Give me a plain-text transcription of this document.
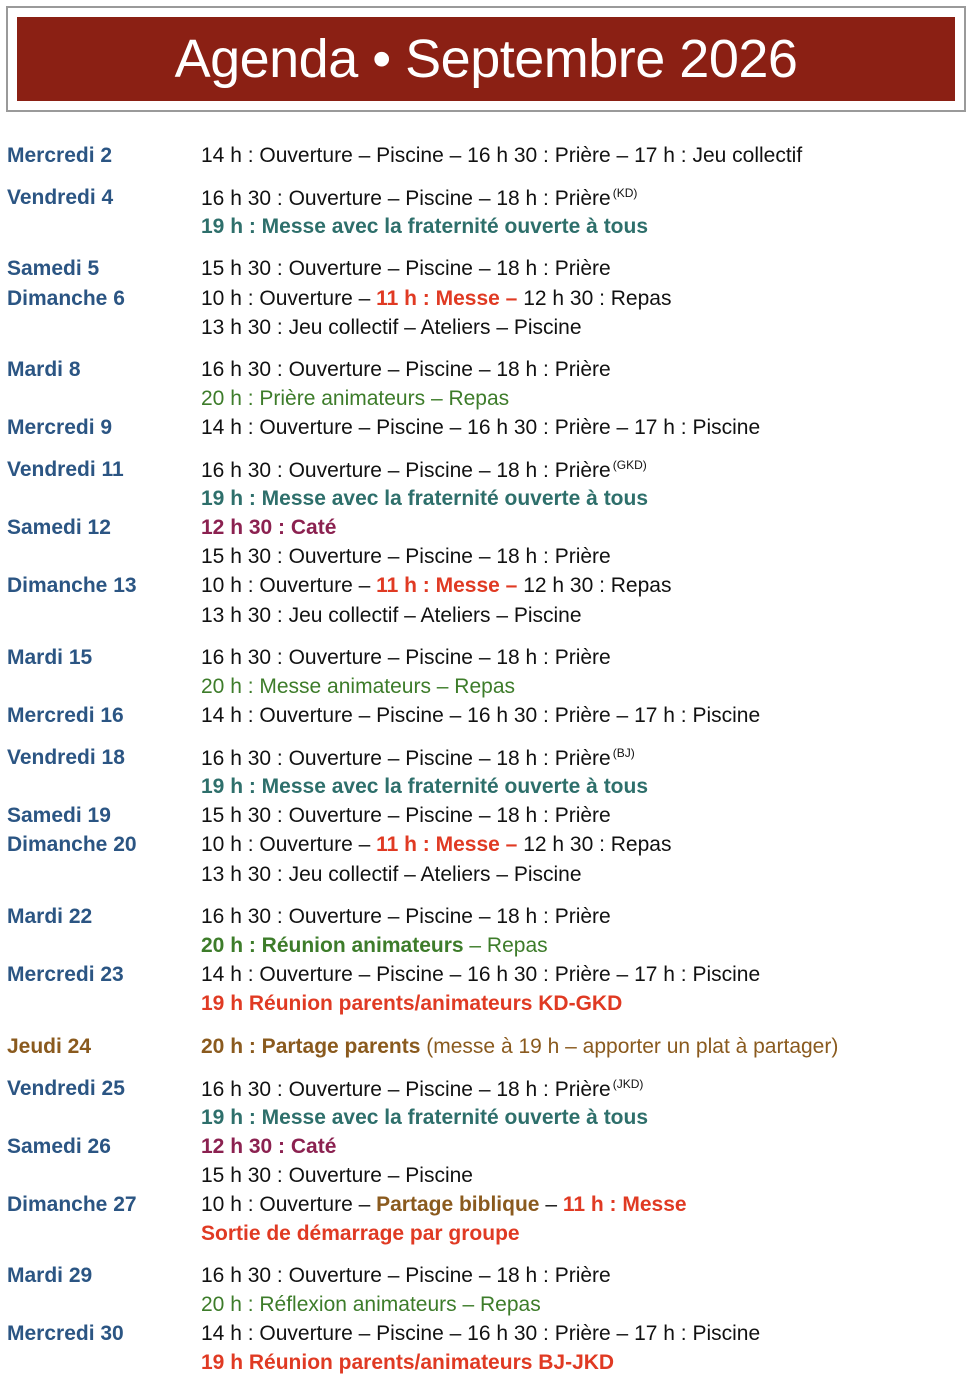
Agenda • Septembre 2026
Mercredi 2
Vendredi 4
Samedi 5
Dimanche 6
Mardi 8
Mercredi 9
Vendredi 11
Samedi 12
Dimanche 13
Mardi 15
Mercredi 16
Vendredi 18
Samedi 19
Dimanche 20
Mardi 22
Mercredi 23
Jeudi 24
Vendredi 25
Samedi 26
Dimanche 27
Mardi 29
Mercredi 30
14 h : Ouverture – Piscine – 16 h 30 : Prière – 17 h : Jeu collectif
16 h 30 : Ouverture – Piscine – 18 h : Prière $^{(KD)}$
19 h : Messe avec la fraternité ouverte à tous
15 h 30 : Ouverture – Piscine – 18 h : Prière
10 h : Ouverture – 11 h : Messe – 12 h 30 : Repas
13 h 30 : Jeu collectif – Ateliers – Piscine
16 h 30 : Ouverture – Piscine – 18 h : Prière
20 h : Prière animateurs – Repas
14 h : Ouverture – Piscine – 16 h 30 : Prière – 17 h : Piscine
16 h 30 : Ouverture – Piscine – 18 h : Prière $^{(GKD)}$
19 h : Messe avec la fraternité ouverte à tous
12 h 30 : Caté
15 h 30 : Ouverture – Piscine – 18 h : Prière
10 h : Ouverture – 11 h : Messe – 12 h 30 : Repas
13 h 30 : Jeu collectif – Ateliers – Piscine
16 h 30 : Ouverture – Piscine – 18 h : Prière
20 h : Messe animateurs – Repas
14 h : Ouverture – Piscine – 16 h 30 : Prière – 17 h : Piscine
16 h 30 : Ouverture – Piscine – 18 h : Prière $^{(BJ)}$
19 h : Messe avec la fraternité ouverte à tous
15 h 30 : Ouverture – Piscine – 18 h : Prière
10 h : Ouverture – 11 h : Messe – 12 h 30 : Repas
13 h 30 : Jeu collectif – Ateliers – Piscine
16 h 30 : Ouverture – Piscine – 18 h : Prière
20 h : Réunion animateurs – Repas
14 h : Ouverture – Piscine – 16 h 30 : Prière – 17 h : Piscine
19 h Réunion parents/animateurs KD-GKD
20 h : Partage parents (messe à 19 h – apporter un plat à partager)
16 h 30 : Ouverture – Piscine – 18 h : Prière $^{(JKD)}$
19 h : Messe avec la fraternité ouverte à tous
12 h 30 : Caté
15 h 30 : Ouverture – Piscine
10 h : Ouverture – Partage biblique – 11 h : Messe
Sortie de démarrage par groupe
16 h 30 : Ouverture – Piscine – 18 h : Prière
20 h : Réflexion animateurs – Repas
14 h : Ouverture – Piscine – 16 h 30 : Prière – 17 h : Piscine
19 h Réunion parents/animateurs BJ-JKD
